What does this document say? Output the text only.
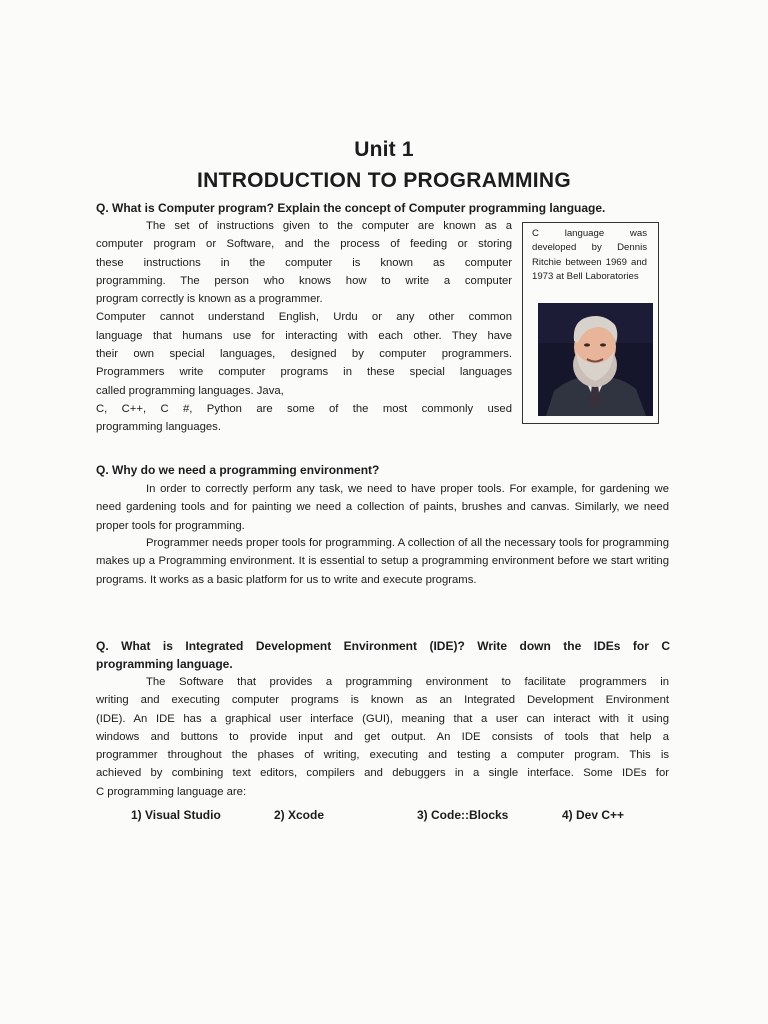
Unit 1
INTRODUCTION TO PROGRAMMING
Q. What is Computer program? Explain the concept of Computer programming language.
The set of instructions given to the computer are known as a
computer program or Software, and the process of feeding or storing
these instructions in the computer is known as computer
programming. The person who knows how to write a computer
program correctly is known as a programmer.
Computer cannot understand English, Urdu or any other common
language that humans use for interacting with each other. They have
their own special languages, designed by computer programmers.
Programmers write computer programs in these special languages
called programming languages. Java,
C, C++, C #, Python are some of the most commonly used
programming languages.

C language was developed by Dennis Ritchie between 1969 and 1973 at Bell Laboratories

Q. Why do we need a programming environment?
In order to correctly perform any task, we need to have proper tools. For example, for gardening we need gardening tools and for painting we need a collection of paints, brushes and canvas. Similarly, we need proper tools for programming.
Programmer needs proper tools for programming. A collection of all the necessary tools for programming makes up a Programming environment. It is essential to setup a programming environment before we start writing programs. It works as a basic platform for us to write and execute programs.
Q. What is Integrated Development Environment (IDE)? Write down the IDEs for C
programming language.
The Software that provides a programming environment to facilitate programmers in
writing and executing computer programs is known as an Integrated Development Environment
(IDE). An IDE has a graphical user interface (GUI), meaning that a user can interact with it using
windows and buttons to provide input and get output. An IDE consists of tools that help a
programmer throughout the phases of writing, executing and testing a computer program. This is
achieved by combining text editors, compilers and debuggers in a single interface. Some IDEs for
C programming language are:
1) Visual Studio	2) Xcode	3) Code::Blocks	4) Dev C++
